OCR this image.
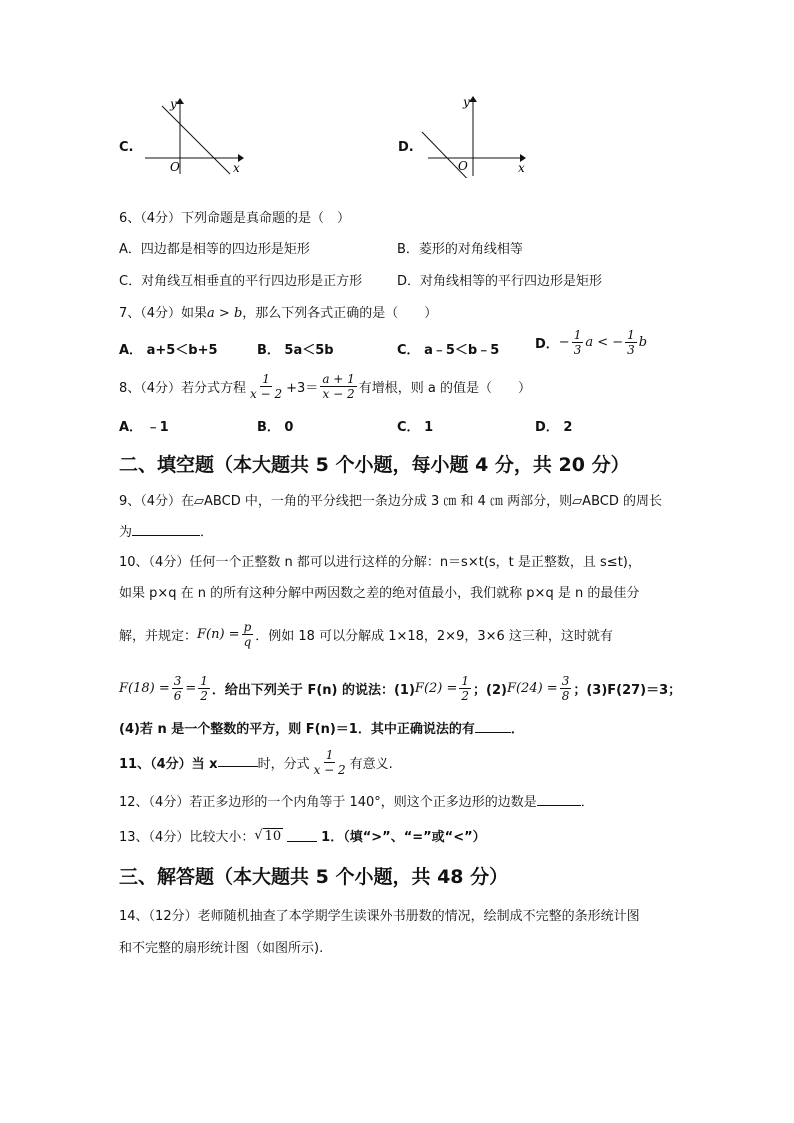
C.
y
x
O
D.
y
x
O
6、（4分）下列命题是真命题的是（　）
A．四边都是相等的四边形是矩形	B．菱形的对角线相等
C．对角线互相垂直的平行四边形是正方形	D．对角线相等的平行四边形是矩形
7、（4分）如果a > b，那么下列各式正确的是（　　）
A． a+5＜b+5	B． 5a＜5b	C． a﹣5＜b﹣5	D． − $\frac{1}{3}$ a < − $\frac{1}{3}$ b
8、（4分）若分式方程 $\frac{1}{x - 2} +3= \frac{a + 1}{x - 2}$ 有增根，则 a 的值是（　　）
A． ﹣1	B． 0	C． 1	D． 2
二、填空题（本大题共 5 个小题，每小题 4 分，共 20 分）
9、（4分）在▱ABCD 中，一角的平分线把一条边分成 3 ㎝ 和 4 ㎝ 两部分，则▱ABCD 的周长
为	．
10、（4分）任何一个正整数 n 都可以进行这样的分解：n＝s×t(s，t 是正整数，且 s≤t)，
如果 p×q 在 n 的所有这种分解中两因数之差的绝对值最小，我们就称 p×q 是 n 的最佳分
解，并规定： $F(n) = \frac{p}{q}$ ．例如 18 可以分解成 1×18，2×9，3×6 这三种，这时就有
$F(18) = \frac{3}{6} = \frac{1}{2}$ ．给出下列关于 F(n) 的说法：(1) $F(2) = \frac{1}{2}$ ；(2) $F(24) = \frac{3}{8}$ ；(3)F(27)＝3；
(4)若 n 是一个整数的平方，则 F(n)＝1．其中正确说法的有	．
11、（4分）当 x	时，分式 $\frac{1}{x - 2}$ 有意义.
12、（4分）若正多边形的一个内角等于 140°，则这个正多边形的边数是	．
13、（4分）比较大小： √ 10	1．（填“>”、“=”或“<”）
三、解答题（本大题共 5 个小题，共 48 分）
14、（12分）老师随机抽查了本学期学生读课外书册数的情况，绘制成不完整的条形统计图
和不完整的扇形统计图（如图所示).
